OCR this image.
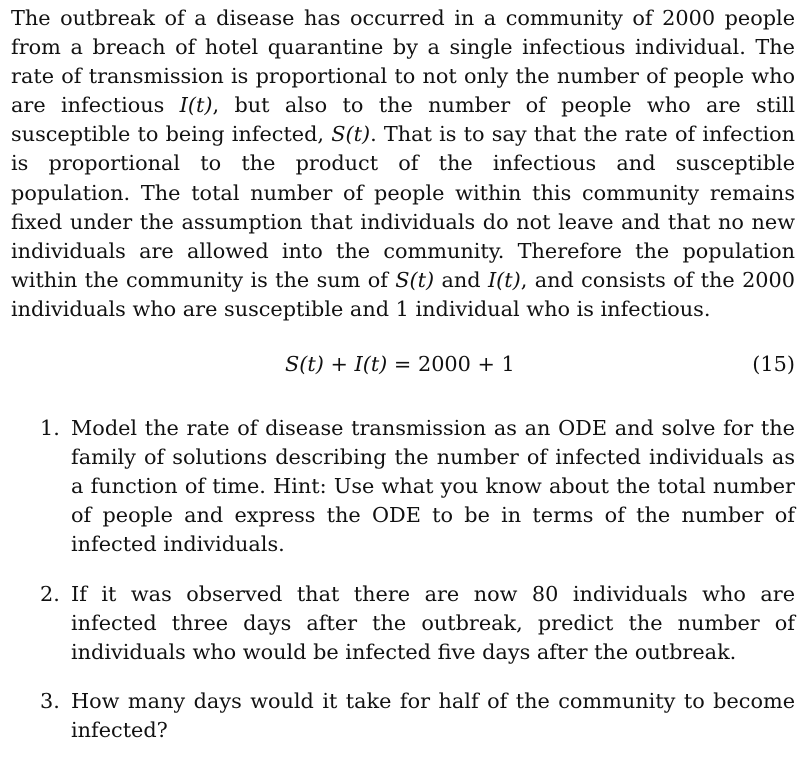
The outbreak of a disease has occurred in a community of 2000 people from a breach of hotel quarantine by a single infectious individual. The rate of transmission is proportional to not only the number of people who are infectious I(t), but also to the number of people who are still susceptible to being infected, S(t). That is to say that the rate of infection is proportional to the product of the infectious and susceptible population. The total number of people within this community remains fixed under the assumption that individuals do not leave and that no new individuals are allowed into the community. Therefore the population within the community is the sum of S(t) and I(t), and consists of the 2000 individuals who are susceptible and 1 individual who is infectious.

S(t) + I(t) = 2000 + 1	(15)
1. Model the rate of disease transmission as an ODE and solve for the family of solutions describing the number of infected individuals as a function of time. Hint: Use what you know about the total number of people and express the ODE to be in terms of the number of infected individuals.
2. If it was observed that there are now 80 individuals who are infected three days after the outbreak, predict the number of individuals who would be infected five days after the outbreak.
3. How many days would it take for half of the community to become infected?
